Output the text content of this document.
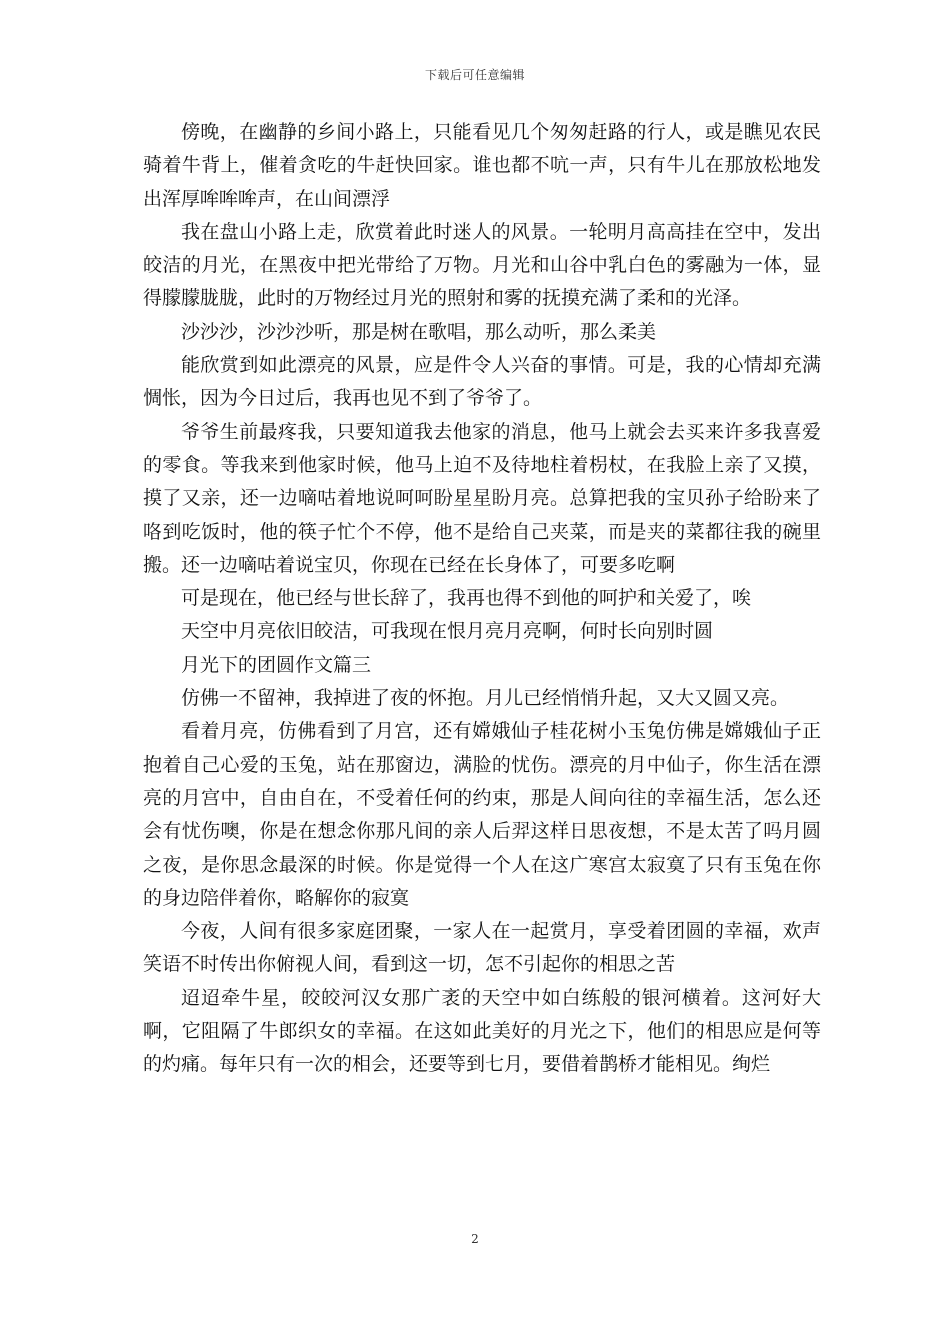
下载后可任意编辑

傍晚，在幽静的乡间小路上，只能看见几个匆匆赶路的行人，或是瞧见农民骑着牛背上，催着贪吃的牛赶快回家。谁也都不吭一声，只有牛儿在那放松地发出浑厚哞哞哞声，在山间漂浮

我在盘山小路上走，欣赏着此时迷人的风景。一轮明月高高挂在空中，发出皎洁的月光，在黑夜中把光带给了万物。月光和山谷中乳白色的雾融为一体，显得朦朦胧胧，此时的万物经过月光的照射和雾的抚摸充满了柔和的光泽。

沙沙沙，沙沙沙听，那是树在歌唱，那么动听，那么柔美

能欣赏到如此漂亮的风景，应是件令人兴奋的事情。可是，我的心情却充满惆怅，因为今日过后，我再也见不到了爷爷了。

爷爷生前最疼我，只要知道我去他家的消息，他马上就会去买来许多我喜爱的零食。等我来到他家时候，他马上迫不及待地柱着枴杖，在我脸上亲了又摸，摸了又亲，还一边嘀咕着地说呵呵盼星星盼月亮。总算把我的宝贝孙子给盼来了咯到吃饭时，他的筷子忙个不停，他不是给自己夹菜，而是夹的菜都往我的碗里搬。还一边嘀咕着说宝贝，你现在已经在长身体了，可要多吃啊

可是现在，他已经与世长辞了，我再也得不到他的呵护和关爱了，唉

天空中月亮依旧皎洁，可我现在恨月亮月亮啊，何时长向别时圆

月光下的团圆作文篇三

仿佛一不留神，我掉进了夜的怀抱。月儿已经悄悄升起，又大又圆又亮。

看着月亮，仿佛看到了月宫，还有嫦娥仙子桂花树小玉兔仿佛是嫦娥仙子正抱着自己心爱的玉兔，站在那窗边，满脸的忧伤。漂亮的月中仙子，你生活在漂亮的月宫中，自由自在，不受着任何的约束，那是人间向往的幸福生活，怎么还会有忧伤噢，你是在想念你那凡间的亲人后羿这样日思夜想，不是太苦了吗月圆之夜，是你思念最深的时候。你是觉得一个人在这广寒宫太寂寞了只有玉兔在你的身边陪伴着你，略解你的寂寞

今夜，人间有很多家庭团聚，一家人在一起赏月，享受着团圆的幸福，欢声笑语不时传出你俯视人间，看到这一切，怎不引起你的相思之苦

迢迢牵牛星，皎皎河汉女那广袤的天空中如白练般的银河横着。这河好大啊，它阻隔了牛郎织女的幸福。在这如此美好的月光之下，他们的相思应是何等的灼痛。每年只有一次的相会，还要等到七月，要借着鹊桥才能相见。绚烂

2
